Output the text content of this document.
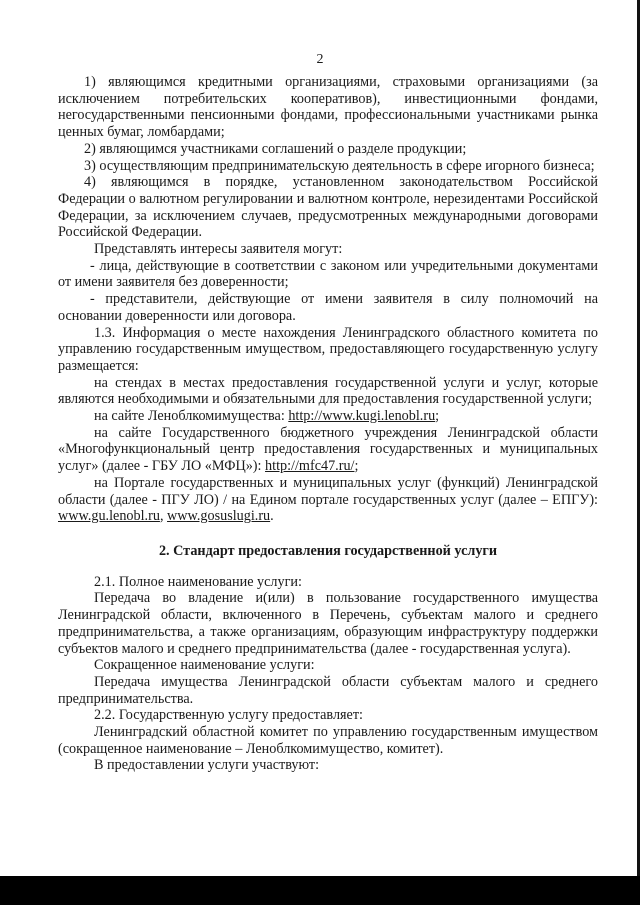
2

1) являющимся кредитными организациями, страховыми организациями (за исключением потребительских кооперативов), инвестиционными фондами, негосударственными пенсионными фондами, профессиональными участниками рынка ценных бумаг, ломбардами;

2) являющимся участниками соглашений о разделе продукции;

3) осуществляющим предпринимательскую деятельность в сфере игорного бизнеса;

4) являющимся в порядке, установленном законодательством Российской Федерации о валютном регулировании и валютном контроле, нерезидентами Российской Федерации, за исключением случаев, предусмотренных международными договорами Российской Федерации.

Представлять интересы заявителя могут:

- лица, действующие в соответствии с законом или учредительными документами от имени заявителя без доверенности;

- представители, действующие от имени заявителя в силу полномочий на основании доверенности или договора.

1.3. Информация о месте нахождения Ленинградского областного комитета по управлению государственным имуществом, предоставляющего государственную услугу размещается:

на стендах в местах предоставления государственной услуги и услуг, которые являются необходимыми и обязательными для предоставления государственной услуги;

на сайте Леноблкомимущества: http://www.kugi.lenobl.ru;

на сайте Государственного бюджетного учреждения Ленинградской области «Многофункциональный центр предоставления государственных и муниципальных услуг» (далее - ГБУ ЛО «МФЦ»): http://mfc47.ru/;

на Портале государственных и муниципальных услуг (функций) Ленинградской области (далее - ПГУ ЛО) / на Едином портале государственных услуг (далее – ЕПГУ): www.gu.lenobl.ru, www.gosuslugi.ru.

2. Стандарт предоставления государственной услуги

2.1. Полное наименование услуги:

Передача во владение и(или) в пользование государственного имущества Ленинградской области, включенного в Перечень, субъектам малого и среднего предпринимательства, а также организациям, образующим инфраструктуру поддержки субъектов малого и среднего предпринимательства (далее - государственная услуга).

Сокращенное наименование услуги:

Передача имущества Ленинградской области субъектам малого и среднего предпринимательства.

2.2. Государственную услугу предоставляет:

Ленинградский областной комитет по управлению государственным имуществом (сокращенное наименование – Леноблкомимущество, комитет).

В предоставлении услуги участвуют:
